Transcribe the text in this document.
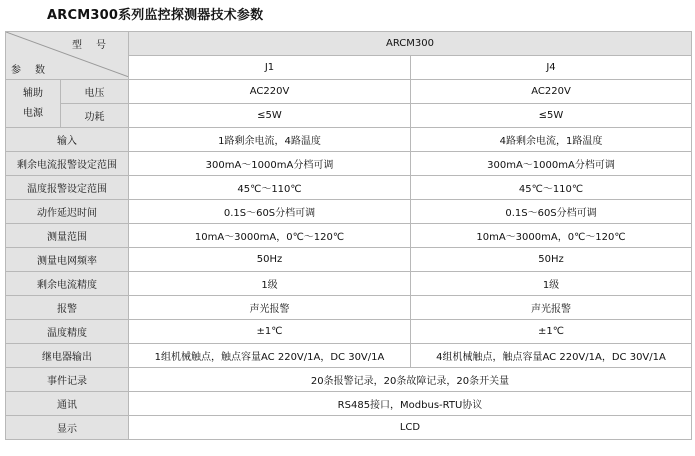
ARCM300系列监控探测器技术参数
型号
参数		ARCM300	
		J1	J4
辅助
电源	电压	AC220V	AC220V
	功耗	≤5W	≤5W
输入		1路剩余电流，4路温度	4路剩余电流，1路温度
剩余电流报警设定范围		300mA～1000mA分档可调	300mA～1000mA分档可调
温度报警设定范围		45℃～110℃	45℃～110℃
动作延迟时间		0.1S～60S分档可调	0.1S～60S分档可调
测量范围		10mA～3000mA，0℃～120℃	10mA～3000mA，0℃～120℃
测量电网频率		50Hz	50Hz
剩余电流精度		1级	1级
报警		声光报警	声光报警
温度精度		±1℃	±1℃
继电器输出		1组机械触点，触点容量AC 220V/1A，DC 30V/1A	4组机械触点，触点容量AC 220V/1A，DC 30V/1A
事件记录		20条报警记录，20条故障记录，20条开关量	
通讯		RS485接口，Modbus-RTU协议	
显示		LCD	
